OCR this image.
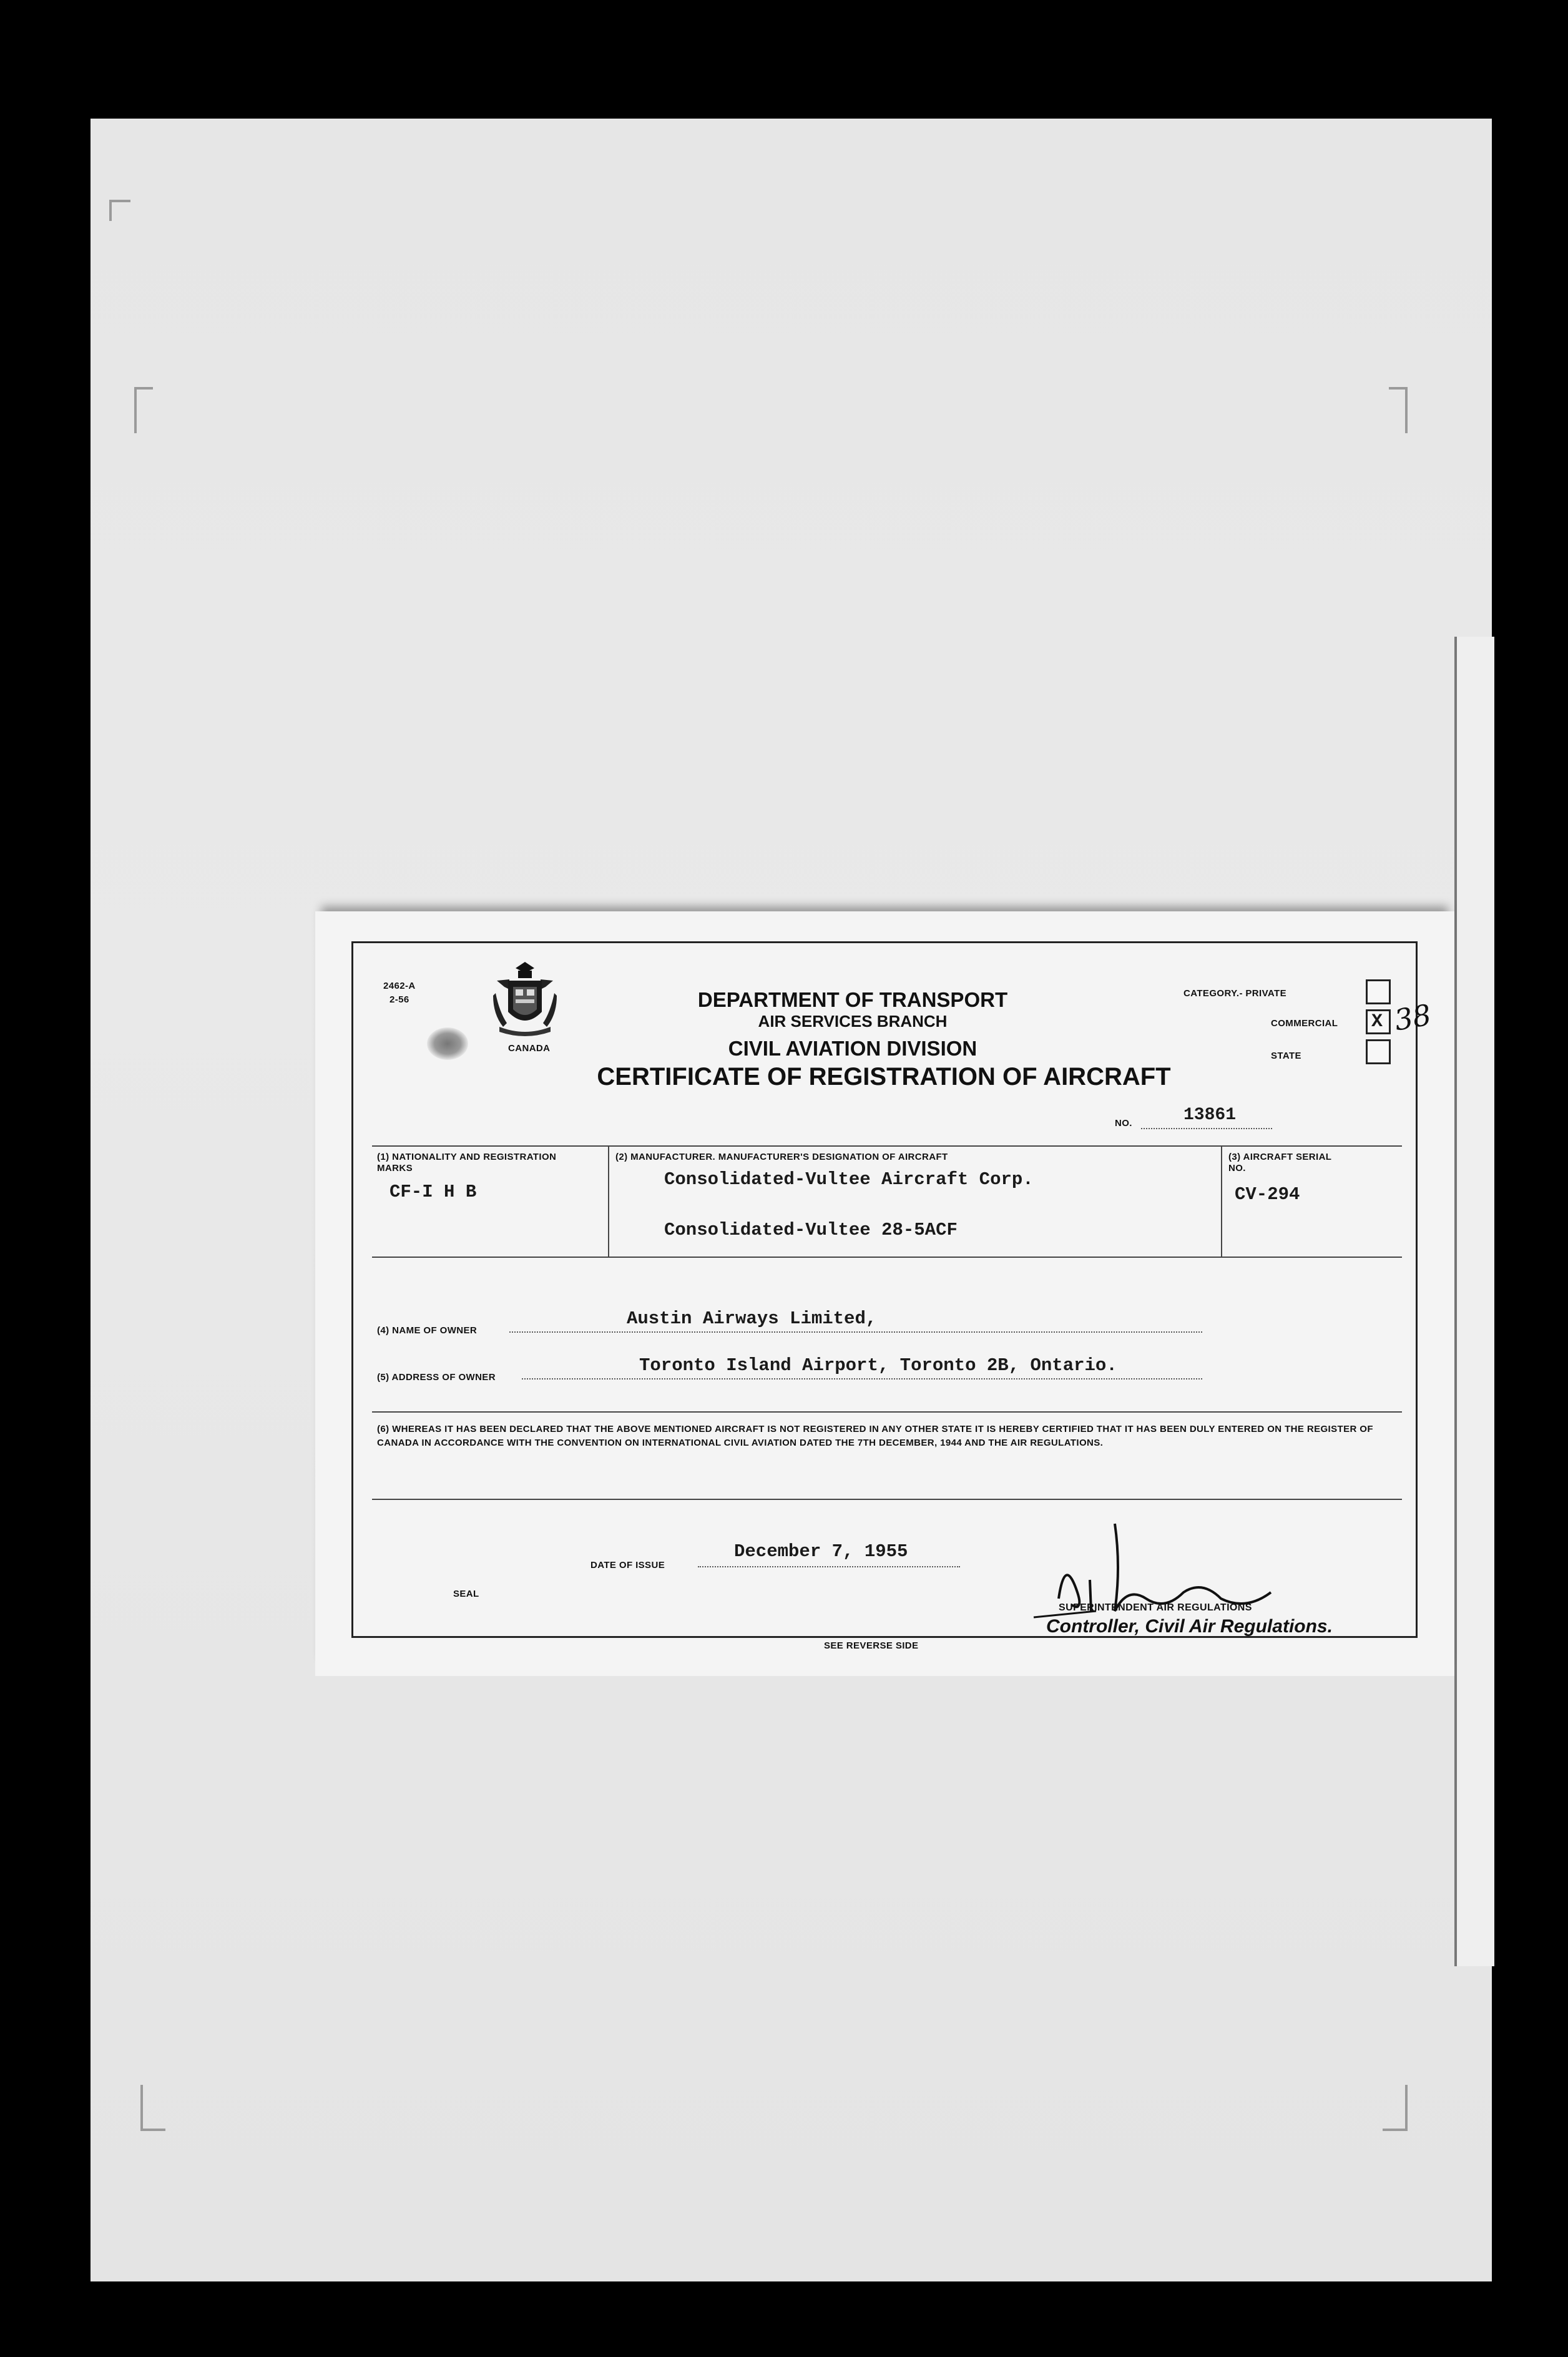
2462-A
2-56
CANADA
DEPARTMENT OF TRANSPORT
AIR SERVICES BRANCH
CIVIL AVIATION DIVISION
CERTIFICATE OF REGISTRATION OF AIRCRAFT
NO.	13861
CATEGORY.- PRIVATE
COMMERCIAL
STATE
X 38
(1) NATIONALITY AND REGISTRATION MARKS
CF-I H B
(2) MANUFACTURER. MANUFACTURER'S DESIGNATION OF AIRCRAFT
Consolidated-Vultee Aircraft Corp.
Consolidated-Vultee 28-5ACF
(3) AIRCRAFT SERIAL NO.
CV-294
(4) NAME OF OWNER
Austin Airways Limited,
(5) ADDRESS OF OWNER
Toronto Island Airport, Toronto 2B, Ontario.
(6) WHEREAS IT HAS BEEN DECLARED THAT THE ABOVE MENTIONED AIRCRAFT IS NOT REGISTERED IN ANY OTHER STATE IT IS HEREBY CERTIFIED THAT IT HAS BEEN DULY ENTERED ON THE REGISTER OF CANADA IN ACCORDANCE WITH THE CONVENTION ON INTERNATIONAL CIVIL AVIATION DATED THE 7TH DECEMBER, 1944 AND THE AIR REGULATIONS.
DATE OF ISSUE
December 7, 1955
SEAL
SUPERINTENDENT AIR REGULATIONS
Controller, Civil Air Regulations.
SEE REVERSE SIDE
